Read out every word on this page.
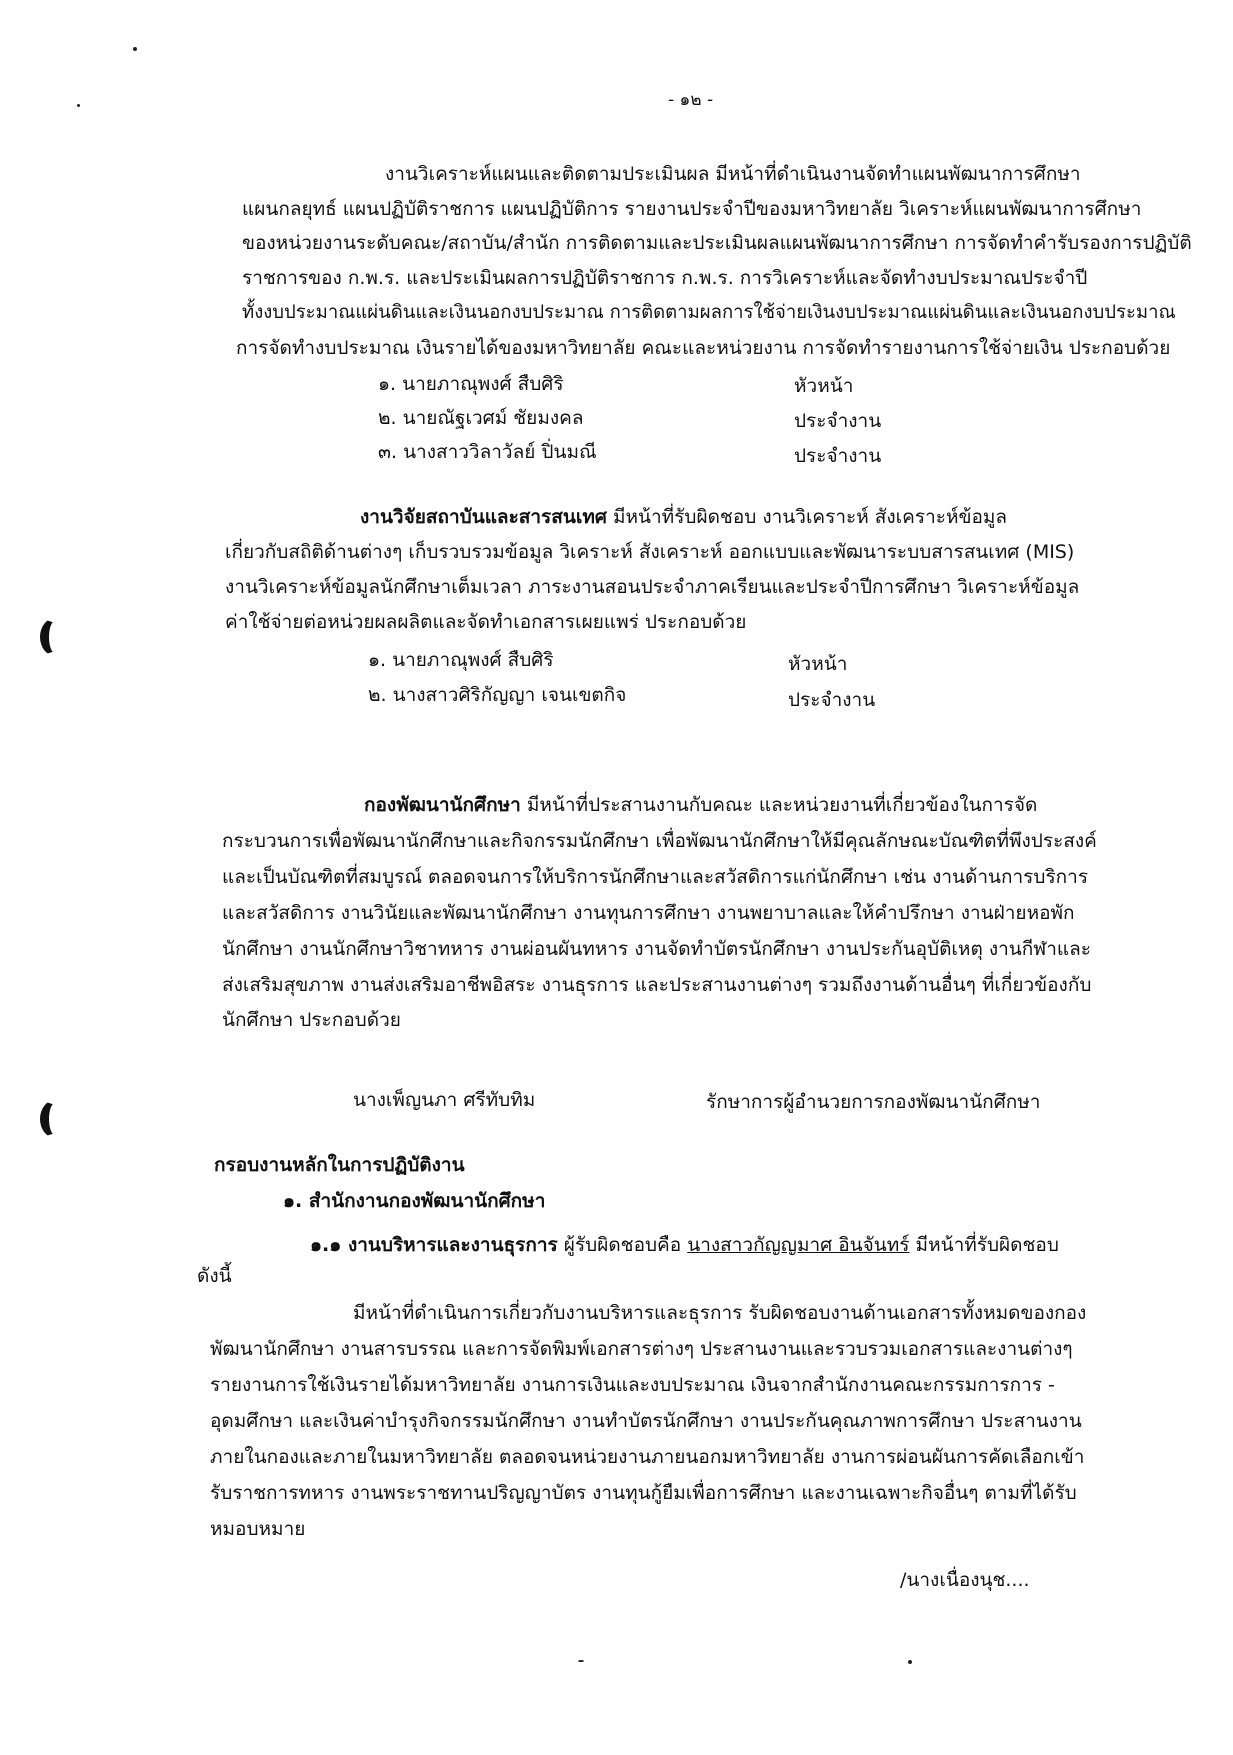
- ๑๒ -
งานวิเคราะห์แผนและติดตามประเมินผล มีหน้าที่ดำเนินงานจัดทำแผนพัฒนาการศึกษา
แผนกลยุทธ์ แผนปฏิบัติราชการ แผนปฏิบัติการ รายงานประจำปีของมหาวิทยาลัย วิเคราะห์แผนพัฒนาการศึกษา
ของหน่วยงานระดับคณะ/สถาบัน/สำนัก การติดตามและประเมินผลแผนพัฒนาการศึกษา การจัดทำคำรับรองการปฏิบัติ
ราชการของ ก.พ.ร. และประเมินผลการปฏิบัติราชการ ก.พ.ร. การวิเคราะห์และจัดทำงบประมาณประจำปี
ทั้งงบประมาณแผ่นดินและเงินนอกงบประมาณ การติดตามผลการใช้จ่ายเงินงบประมาณแผ่นดินและเงินนอกงบประมาณ
การจัดทำงบประมาณ เงินรายได้ของมหาวิทยาลัย คณะและหน่วยงาน การจัดทำรายงานการใช้จ่ายเงิน ประกอบด้วย
๑. นายภาณุพงศ์ สืบศิริ	หัวหน้า
๒. นายณัฐเวศม์ ชัยมงคล	ประจำงาน
๓. นางสาววิลาวัลย์ ปิ่นมณี	ประจำงาน
งานวิจัยสถาบันและสารสนเทศ มีหน้าที่รับผิดชอบ งานวิเคราะห์ สังเคราะห์ข้อมูล
เกี่ยวกับสถิติด้านต่างๆ เก็บรวบรวมข้อมูล วิเคราะห์ สังเคราะห์ ออกแบบและพัฒนาระบบสารสนเทศ (MIS)
งานวิเคราะห์ข้อมูลนักศึกษาเต็มเวลา ภาระงานสอนประจำภาคเรียนและประจำปีการศึกษา วิเคราะห์ข้อมูล
ค่าใช้จ่ายต่อหน่วยผลผลิตและจัดทำเอกสารเผยแพร่ ประกอบด้วย
๑. นายภาณุพงศ์ สืบศิริ	หัวหน้า
๒. นางสาวศิริกัญญา เจนเขตกิจ	ประจำงาน
กองพัฒนานักศึกษา มีหน้าที่ประสานงานกับคณะ และหน่วยงานที่เกี่ยวข้องในการจัด
กระบวนการเพื่อพัฒนานักศึกษาและกิจกรรมนักศึกษา เพื่อพัฒนานักศึกษาให้มีคุณลักษณะบัณฑิตที่พึงประสงค์
และเป็นบัณฑิตที่สมบูรณ์ ตลอดจนการให้บริการนักศึกษาและสวัสดิการแก่นักศึกษา เช่น งานด้านการบริการ
และสวัสดิการ งานวินัยและพัฒนานักศึกษา งานทุนการศึกษา งานพยาบาลและให้คำปรึกษา งานฝ่ายหอพัก
นักศึกษา งานนักศึกษาวิชาทหาร งานผ่อนผันทหาร งานจัดทำบัตรนักศึกษา งานประกันอุบัติเหตุ งานกีฬาและ
ส่งเสริมสุขภาพ งานส่งเสริมอาชีพอิสระ งานธุรการ และประสานงานต่างๆ รวมถึงงานด้านอื่นๆ ที่เกี่ยวข้องกับ
นักศึกษา ประกอบด้วย
นางเพ็ญนภา ศรีทับทิม	รักษาการผู้อำนวยการกองพัฒนานักศึกษา
กรอบงานหลักในการปฏิบัติงาน
๑. สำนักงานกองพัฒนานักศึกษา
๑.๑ งานบริหารและงานธุรการ ผู้รับผิดชอบคือ นางสาวกัญญมาศ อินจันทร์ มีหน้าที่รับผิดชอบ
ดังนี้
มีหน้าที่ดำเนินการเกี่ยวกับงานบริหารและธุรการ รับผิดชอบงานด้านเอกสารทั้งหมดของกอง
พัฒนานักศึกษา งานสารบรรณ และการจัดพิมพ์เอกสารต่างๆ ประสานงานและรวบรวมเอกสารและงานต่างๆ
รายงานการใช้เงินรายได้มหาวิทยาลัย งานการเงินและงบประมาณ เงินจากสำนักงานคณะกรรมการการ -
อุดมศึกษา และเงินค่าบำรุงกิจกรรมนักศึกษา งานทำบัตรนักศึกษา งานประกันคุณภาพการศึกษา ประสานงาน
ภายในกองและภายในมหาวิทยาลัย ตลอดจนหน่วยงานภายนอกมหาวิทยาลัย งานการผ่อนผันการคัดเลือกเข้า
รับราชการทหาร งานพระราชทานปริญญาบัตร งานทุนกู้ยืมเพื่อการศึกษา และงานเฉพาะกิจอื่นๆ ตามที่ได้รับ
หมอบหมาย
/นางเนื่องนุช....
